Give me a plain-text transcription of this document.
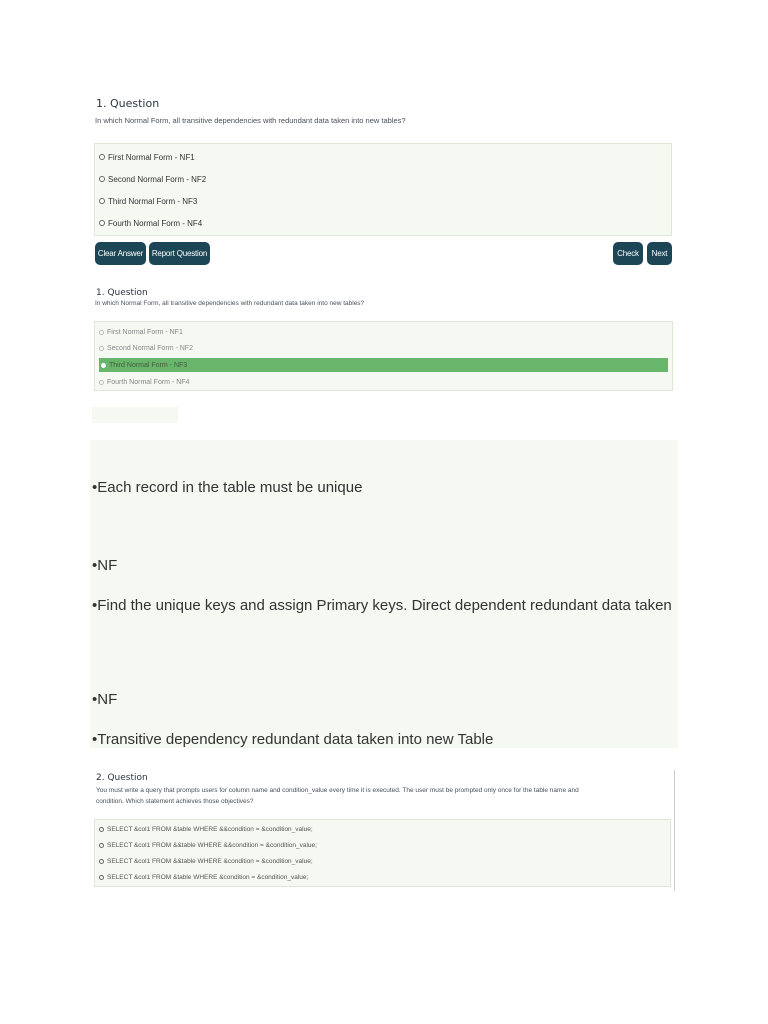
1. Question
In which Normal Form, all transitive dependencies with redundant data taken into new tables?
First Normal Form - NF1
Second Normal Form - NF2
Third Normal Form - NF3
Fourth Normal Form - NF4
Clear Answer	Report Question	Check	Next
1. Question
In which Normal Form, all transitive dependencies with redundant data taken into new tables?
First Normal Form - NF1
Second Normal Form - NF2
Third Normal Form - NF3
Fourth Normal Form - NF4
•Each record in the table must be unique
•NF
•Find the unique keys and assign Primary keys. Direct dependent redundant data taken
•NF
•Transitive dependency redundant data taken into new Table
2. Question
You must write a query that prompts users for column name and condition_value every time it is executed. The user must be prompted only once for the table name and
condition. Which statement achieves those objectives?
SELECT &col1 FROM &table WHERE &&condition = &condition_value;
SELECT &col1 FROM &&table WHERE &&condition = &condition_value;
SELECT &col1 FROM &&table WHERE &condition = &condition_value;
SELECT &col1 FROM &table WHERE &condition = &condition_value;
